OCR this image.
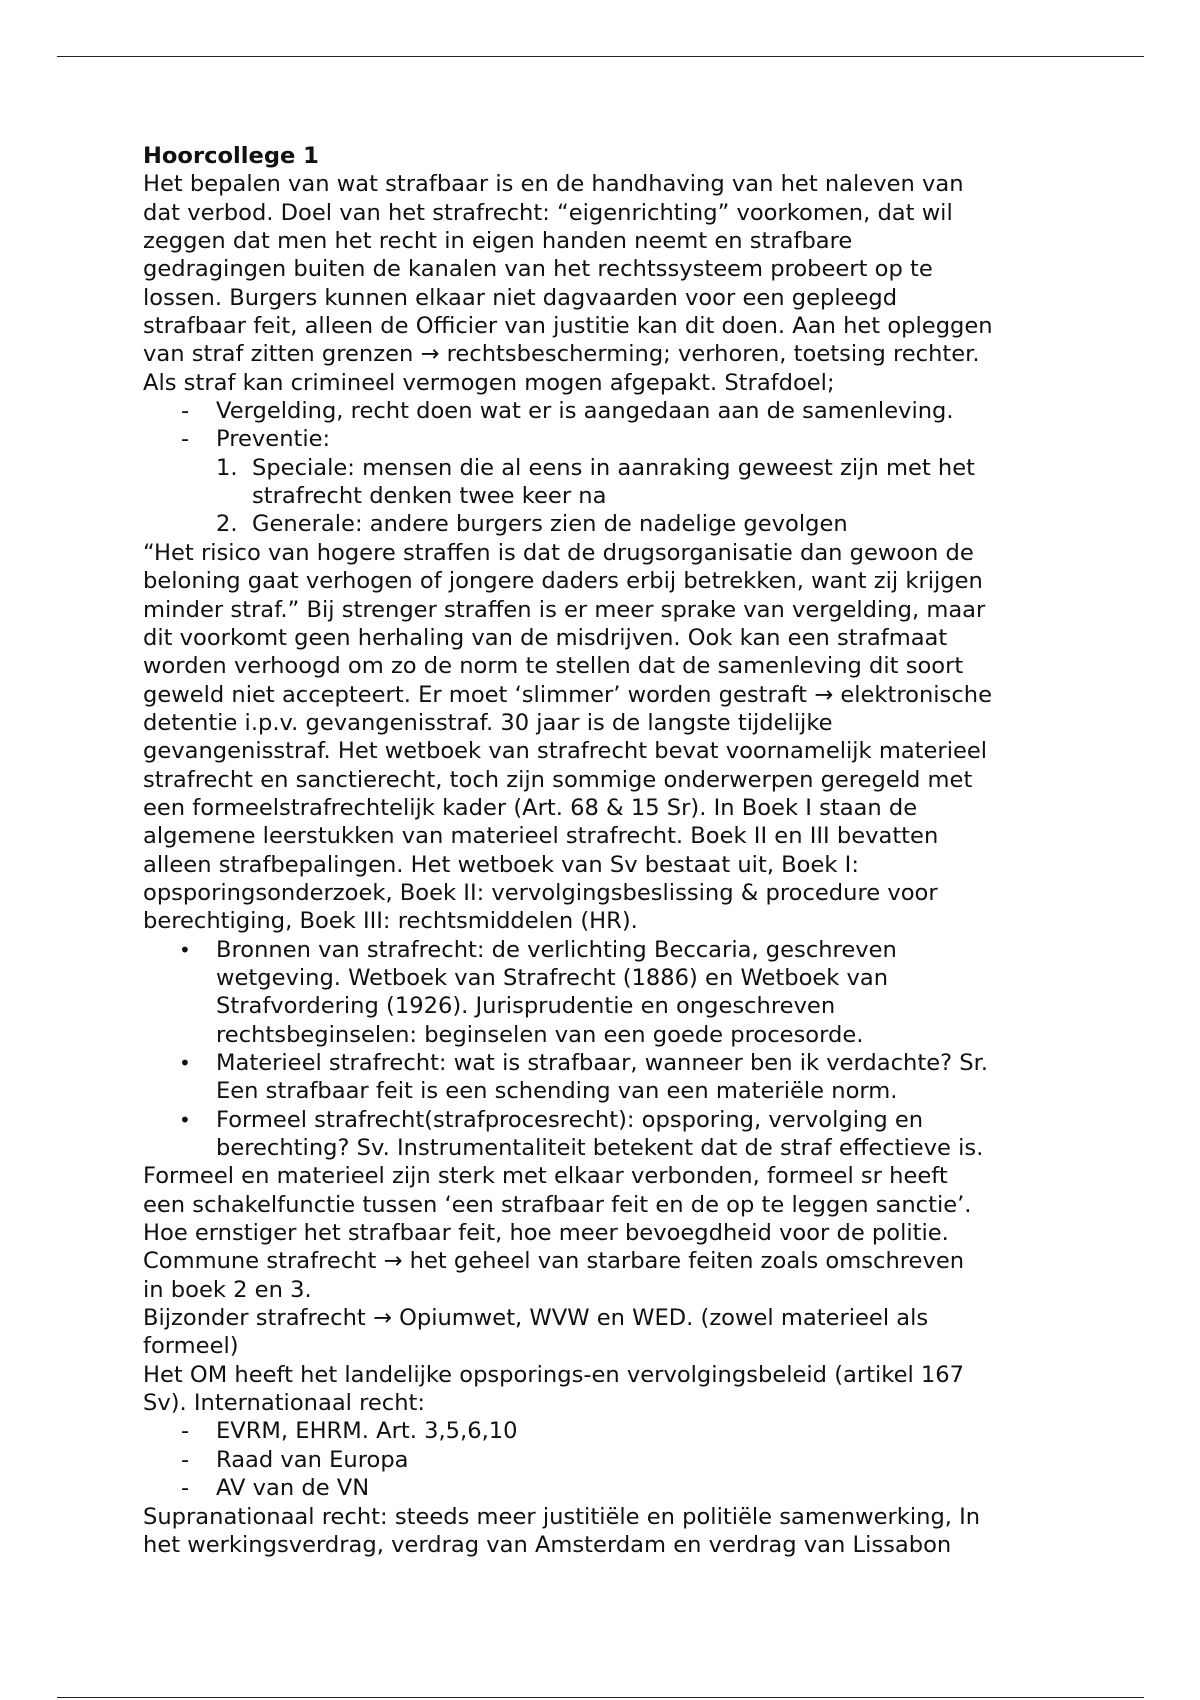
Hoorcollege 1
Het bepalen van wat strafbaar is en de handhaving van het naleven van
dat verbod. Doel van het strafrecht: “eigenrichting” voorkomen, dat wil
zeggen dat men het recht in eigen handen neemt en strafbare
gedragingen buiten de kanalen van het rechtssysteem probeert op te
lossen. Burgers kunnen elkaar niet dagvaarden voor een gepleegd
strafbaar feit, alleen de Officier van justitie kan dit doen. Aan het opleggen
van straf zitten grenzen → rechtsbescherming; verhoren, toetsing rechter.
Als straf kan crimineel vermogen mogen afgepakt. Strafdoel;
-	Vergelding, recht doen wat er is aangedaan aan de samenleving.
-	Preventie:
1. Speciale: mensen die al eens in aanraking geweest zijn met het
strafrecht denken twee keer na
2. Generale: andere burgers zien de nadelige gevolgen
“Het risico van hogere straffen is dat de drugsorganisatie dan gewoon de
beloning gaat verhogen of jongere daders erbij betrekken, want zij krijgen
minder straf.” Bij strenger straffen is er meer sprake van vergelding, maar
dit voorkomt geen herhaling van de misdrijven. Ook kan een strafmaat
worden verhoogd om zo de norm te stellen dat de samenleving dit soort
geweld niet accepteert. Er moet ‘slimmer’ worden gestraft → elektronische
detentie i.p.v. gevangenisstraf. 30 jaar is de langste tijdelijke
gevangenisstraf. Het wetboek van strafrecht bevat voornamelijk materieel
strafrecht en sanctierecht, toch zijn sommige onderwerpen geregeld met
een formeelstrafrechtelijk kader (Art. 68 & 15 Sr). In Boek I staan de
algemene leerstukken van materieel strafrecht. Boek II en III bevatten
alleen strafbepalingen. Het wetboek van Sv bestaat uit, Boek I:
opsporingsonderzoek, Boek II: vervolgingsbeslissing & procedure voor
berechtiging, Boek III: rechtsmiddelen (HR).
•	Bronnen van strafrecht: de verlichting Beccaria, geschreven
wetgeving. Wetboek van Strafrecht (1886) en Wetboek van
Strafvordering (1926). Jurisprudentie en ongeschreven
rechtsbeginselen: beginselen van een goede procesorde.
•	Materieel strafrecht: wat is strafbaar, wanneer ben ik verdachte? Sr.
Een strafbaar feit is een schending van een materiële norm.
•	Formeel strafrecht(strafprocesrecht): opsporing, vervolging en
berechting? Sv. Instrumentaliteit betekent dat de straf effectieve is.
Formeel en materieel zijn sterk met elkaar verbonden, formeel sr heeft
een schakelfunctie tussen ‘een strafbaar feit en de op te leggen sanctie’.
Hoe ernstiger het strafbaar feit, hoe meer bevoegdheid voor de politie.
Commune strafrecht → het geheel van starbare feiten zoals omschreven
in boek 2 en 3.
Bijzonder strafrecht → Opiumwet, WVW en WED. (zowel materieel als
formeel)
Het OM heeft het landelijke opsporings-en vervolgingsbeleid (artikel 167
Sv). Internationaal recht:
-	EVRM, EHRM. Art. 3,5,6,10
-	Raad van Europa
-	AV van de VN
Supranationaal recht: steeds meer justitiële en politiële samenwerking, In
het werkingsverdrag, verdrag van Amsterdam en verdrag van Lissabon
